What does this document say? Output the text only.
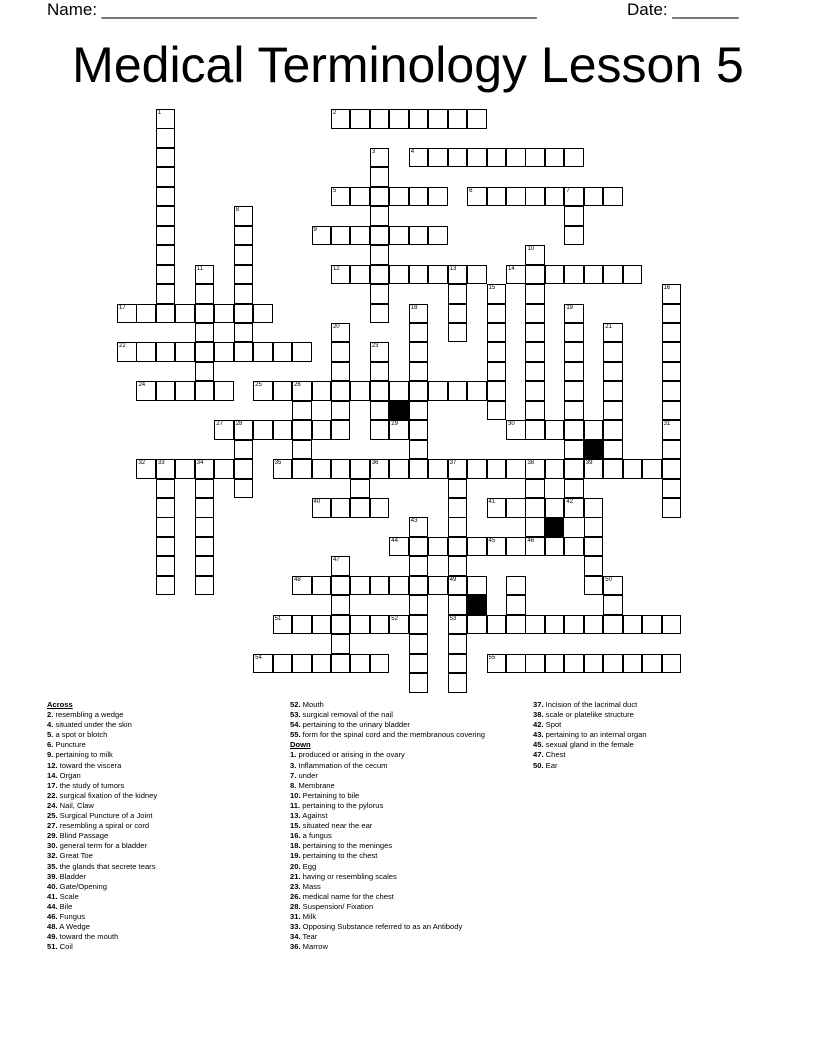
Name: ______________________________________________	Date: _______
Medical Terminology Lesson 5
2
4
5	6	7
9
12	13	14
17
22
24	25	26
27 28	29	30
32 33	34	35	36	37	38	39
40	41
44	45	46
48	49
51	52
54	55
1
3
8
10
11
15	16
18	19
42
21
20
23
31
53
43
47
50
Across
2. resembling a wedge
4. situated under the skin
5. a spot or blotch
6. Puncture
9. pertaining to milk
12. toward the viscera
14. Organ
17. the study of tumors
22. surgical fixation of the kidney
24. Nail, Claw
25. Surgical Puncture of a Joint
27. resembling a spiral or cord
29. Blind Passage
30. general term for a bladder
32. Great Toe
35. the glands that secrete tears
39. Bladder
40. Gate/Opening
41. Scale
44. Bile
46. Fungus
48. A Wedge
49. toward the mouth
51. Coil
52. Mouth
53. surgical removal of the nail
54. pertaining to the urinary bladder
55. form for the spinal cord and the membranous covering
Down
1. produced or arising in the ovary
3. Inflammation of the cecum
7. under
8. Membrane
10. Pertaining to bile
11. pertaining to the pylorus
13. Against
15. situated near the ear
16. a fungus
18. pertaining to the meninges
19. pertaining to the chest
20. Egg
21. having or resembling scales
23. Mass
26. medical name for the chest
28. Suspension/ Fixation
31. Milk
33. Opposing Substance referred to as an Antibody
34. Tear
36. Marrow
37. Incision of the lacrimal duct
38. scale or platelike structure
42. Spot
43. pertaining to an internal organ
45. sexual gland in the female
47. Chest
50. Ear
